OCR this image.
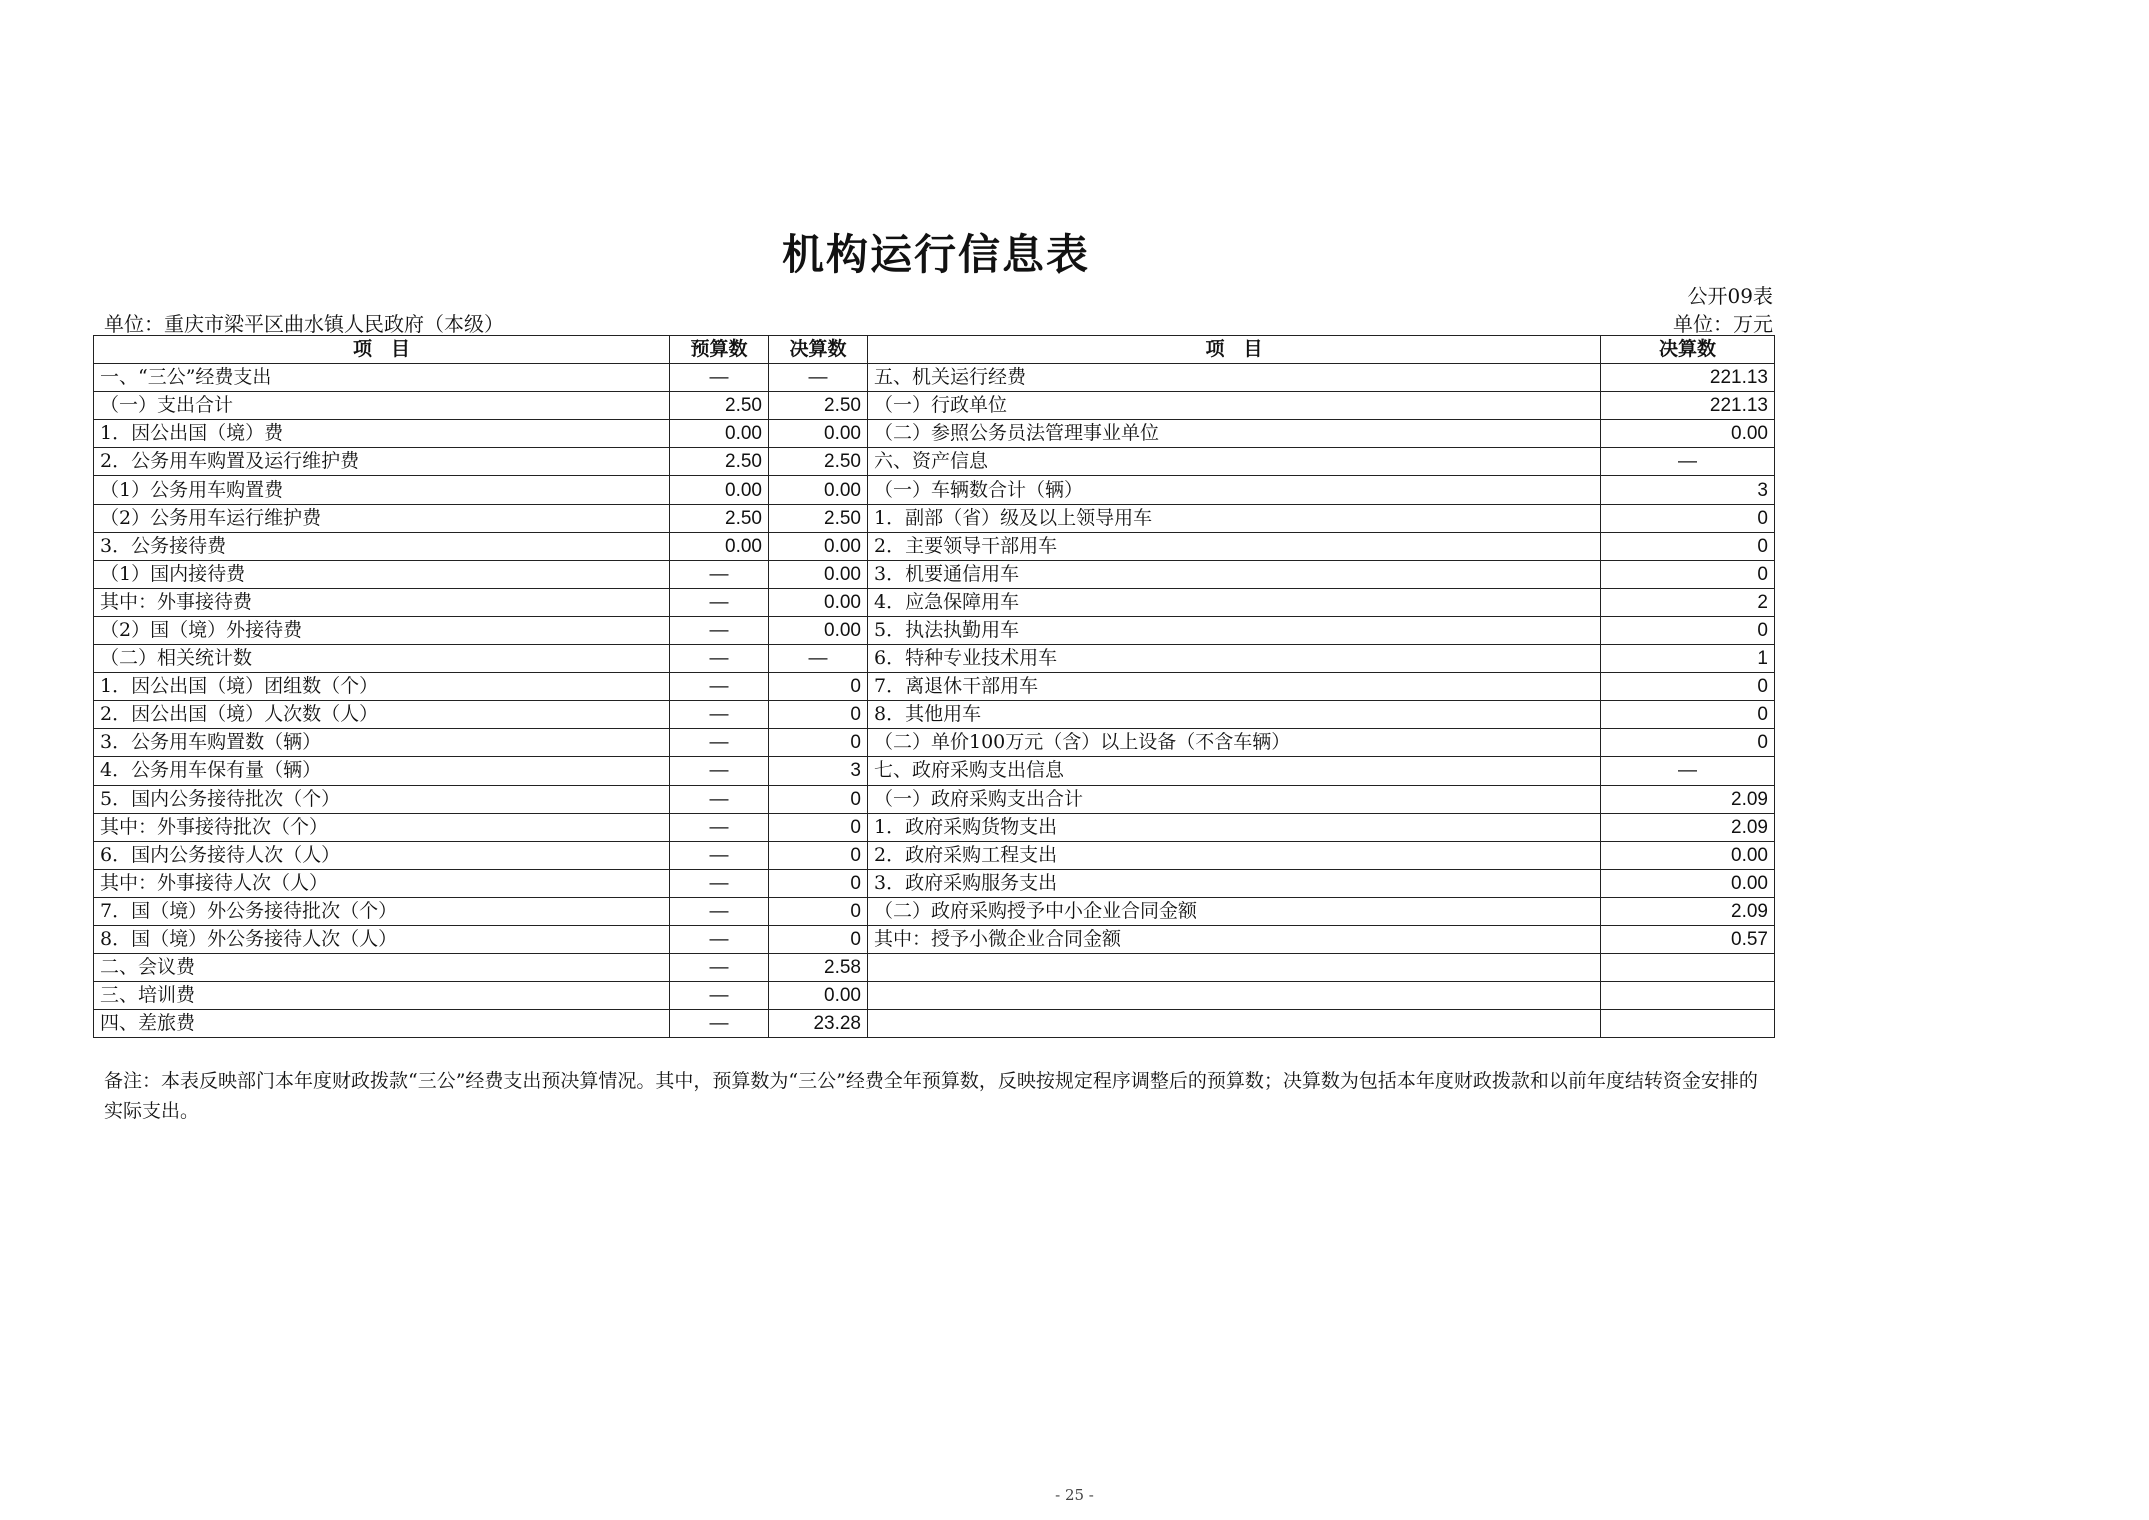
机构运行信息表
公开09表
单位：重庆市梁平区曲水镇人民政府（本级）	单位：万元
项　目	预算数	决算数	项　目	决算数
一、“三公”经费支出	—	—	五、机关运行经费	221.13
（一）支出合计	2.50	2.50	（一）行政单位	221.13
1．因公出国（境）费	0.00	0.00	（二）参照公务员法管理事业单位	0.00
2．公务用车购置及运行维护费	2.50	2.50	六、资产信息	—
（1）公务用车购置费	0.00	0.00	（一）车辆数合计（辆）	3
（2）公务用车运行维护费	2.50	2.50	1．副部（省）级及以上领导用车	0
3．公务接待费	0.00	0.00	2．主要领导干部用车	0
（1）国内接待费	—	0.00	3．机要通信用车	0
其中：外事接待费	—	0.00	4．应急保障用车	2
（2）国（境）外接待费	—	0.00	5．执法执勤用车	0
（二）相关统计数	—	—	6．特种专业技术用车	1
1．因公出国（境）团组数（个）	—	0	7．离退休干部用车	0
2．因公出国（境）人次数（人）	—	0	8．其他用车	0
3．公务用车购置数（辆）	—	0	（二）单价100万元（含）以上设备（不含车辆）	0
4．公务用车保有量（辆）	—	3	七、政府采购支出信息	—
5．国内公务接待批次（个）	—	0	（一）政府采购支出合计	2.09
其中：外事接待批次（个）	—	0	1．政府采购货物支出	2.09
6．国内公务接待人次（人）	—	0	2．政府采购工程支出	0.00
其中：外事接待人次（人）	—	0	3．政府采购服务支出	0.00
7．国（境）外公务接待批次（个）	—	0	（二）政府采购授予中小企业合同金额	2.09
8．国（境）外公务接待人次（人）	—	0	其中：授予小微企业合同金额	0.57
二、会议费	—	2.58		
三、培训费	—	0.00		
四、差旅费	—	23.28		
备注：本表反映部门本年度财政拨款“三公”经费支出预决算情况。其中，预算数为“三公”经费全年预算数，反映按规定程序调整后的预算数；决算数为包括本年度财政拨款和以前年度结转资金安排的实际支出。
- 25 -
